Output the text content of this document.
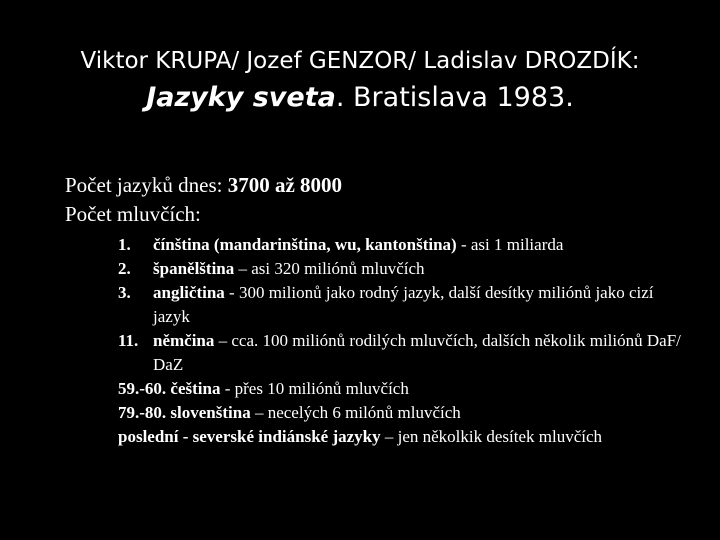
Viktor KRUPA/ Jozef GENZOR/ Ladislav DROZDÍK:
Jazyky sveta. Bratislava 1983.
Počet jazyků dnes: 3700 až 8000
Počet mluvčích:
1. čínština (mandarinština, wu, kantonština) - asi 1 miliarda
2. španělština – asi 320 miliónů mluvčích
3. angličtina - 300 milionů jako rodný jazyk, další desítky miliónů jako cizí jazyk
11. němčina – cca. 100 miliónů rodilých mluvčích, dalších několik miliónů DaF/ DaZ
59.-60. čeština - přes 10 miliónů mluvčích
79.-80. slovenština – necelých 6 milónů mluvčích
poslední - severské indiánské jazyky – jen několkik desítek mluvčích
